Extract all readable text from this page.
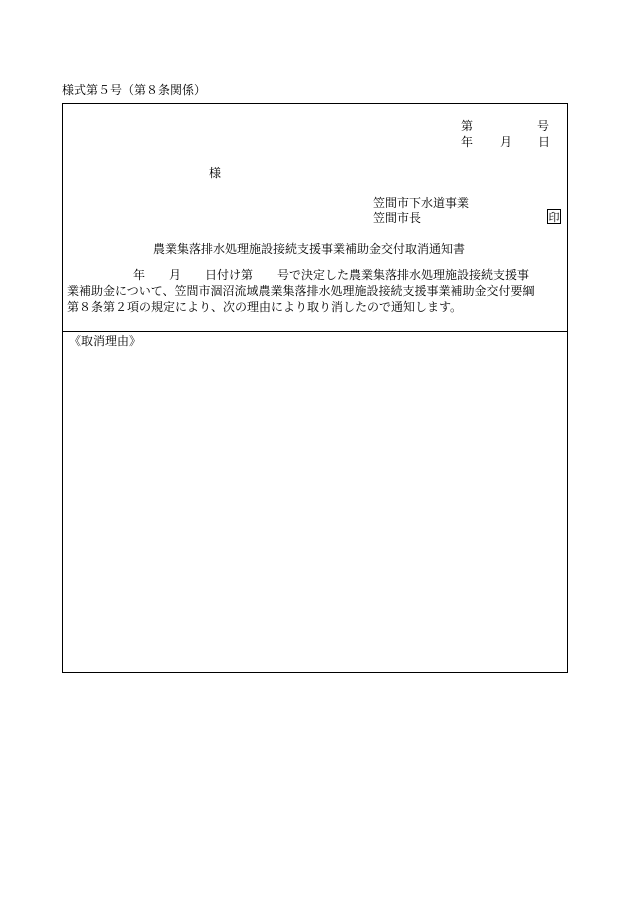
様式第５号（第８条関係）
第	号
年 月 日
様
笠間市下水道事業
笠間市長	印
農業集落排水処理施設接続支援事業補助金交付取消通知書
年 月 日付け第 号で決定した農業集落排水処理施設接続支援事
業補助金について、笠間市涸沼流域農業集落排水処理施設接続支援事業補助金交付要綱
第８条第２項の規定により、次の理由により取り消したので通知します。
《取消理由》
